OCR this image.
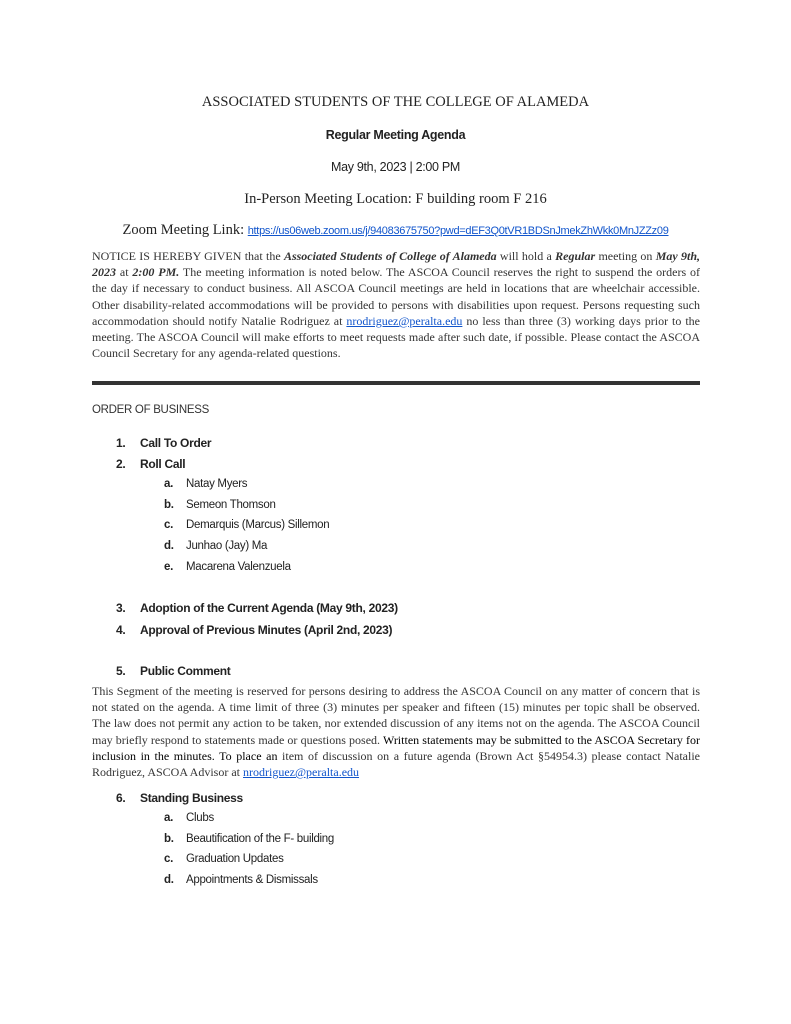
ASSOCIATED STUDENTS OF THE COLLEGE OF ALAMEDA
Regular Meeting Agenda
May 9th, 2023 | 2:00 PM
In-Person Meeting Location: F building room F 216
Zoom Meeting Link: https://us06web.zoom.us/j/94083675750?pwd=dEF3Q0tVR1BDSnJmekZhWkk0MnJZZz09
NOTICE IS HEREBY GIVEN that the Associated Students of College of Alameda will hold a Regular meeting on May 9th, 2023 at 2:00 PM. The meeting information is noted below. The ASCOA Council reserves the right to suspend the orders of the day if necessary to conduct business. All ASCOA Council meetings are held in locations that are wheelchair accessible. Other disability-related accommodations will be provided to persons with disabilities upon request. Persons requesting such accommodation should notify Natalie Rodriguez at nrodriguez@peralta.edu no less than three (3) working days prior to the meeting. The ASCOA Council will make efforts to meet requests made after such date, if possible. Please contact the ASCOA Council Secretary for any agenda-related questions.
ORDER OF BUSINESS
1.	Call To Order
2.	Roll Call
a. Natay Myers
b. Semeon Thomson
c. Demarquis (Marcus) Sillemon
d. Junhao (Jay) Ma
e. Macarena Valenzuela
3.	Adoption of the Current Agenda (May 9th, 2023)
4.	Approval of Previous Minutes (April 2nd, 2023)
5.	Public Comment
This Segment of the meeting is reserved for persons desiring to address the ASCOA Council on any matter of concern that is not stated on the agenda. A time limit of three (3) minutes per speaker and fifteen (15) minutes per topic shall be observed. The law does not permit any action to be taken, nor extended discussion of any items not on the agenda. The ASCOA Council may briefly respond to statements made or questions posed. Written statements may be submitted to the ASCOA Secretary for inclusion in the minutes. To place an item of discussion on a future agenda (Brown Act §54954.3) please contact Natalie Rodriguez, ASCOA Advisor at nrodriguez@peralta.edu
6.	Standing Business
a. Clubs
b. Beautification of the F- building
c. Graduation Updates
d. Appointments & Dismissals
